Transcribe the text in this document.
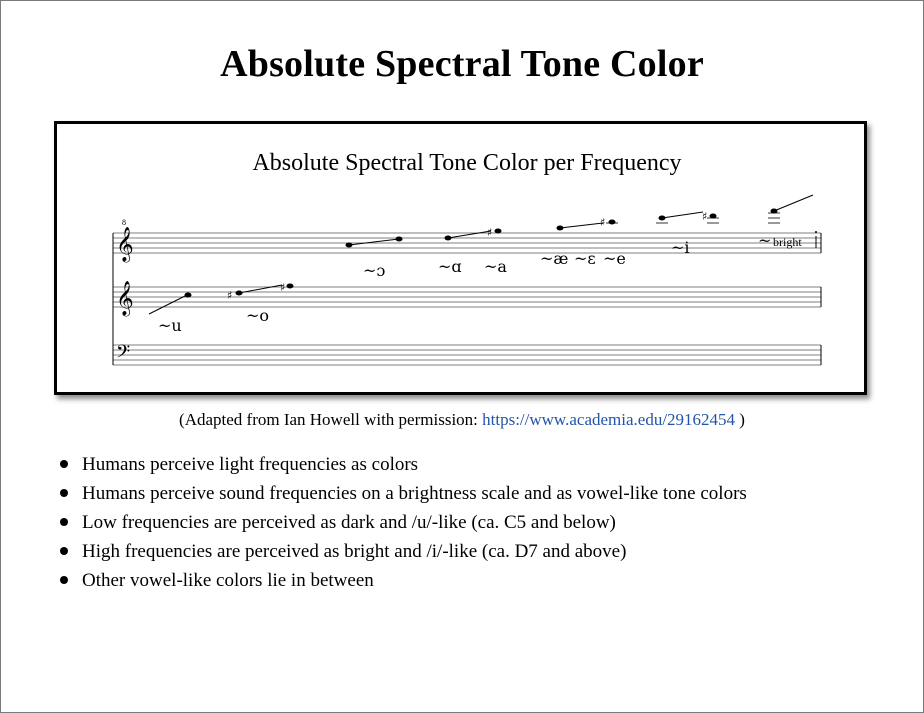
Absolute Spectral Tone Color
Absolute Spectral Tone Color per Frequency
𝄞
8
𝄞
𝄢
♯
♯
♯
♯	♯
~u
~o
~ɔ	~ɑ ~a ~æ ~ɛ ~e
~i	~ bright
(Adapted from Ian Howell with permission: https://www.academia.edu/29162454 )
Humans perceive light frequencies as colors
Humans perceive sound frequencies on a brightness scale and as vowel-like tone colors
Low frequencies are perceived as dark and /u/-like (ca. C5 and below)
High frequencies are perceived as bright and /i/-like (ca. D7 and above)
Other vowel-like colors lie in between
